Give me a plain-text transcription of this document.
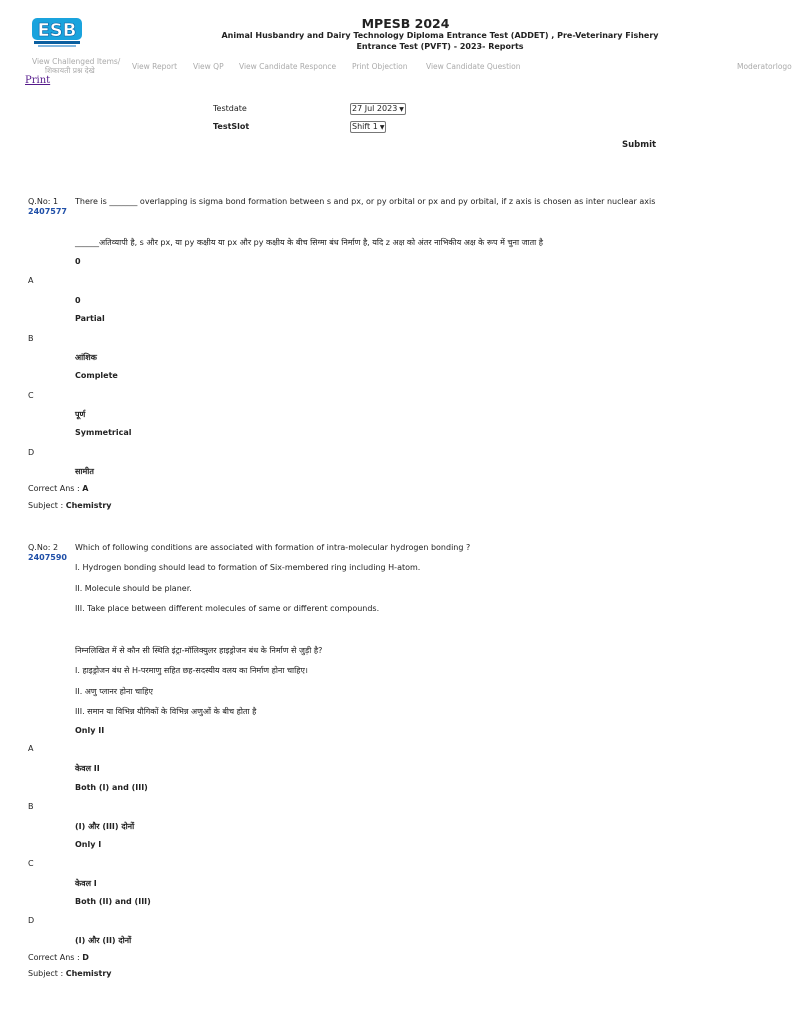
ESB	MPESB 2024
Animal Husbandry and Dairy Technology Diploma Entrance Test (ADDET) , Pre-Veterinary Fishery Entrance Test (PVFT) - 2023- Reports
View Challenged Items/
शिकायती प्रश्न देखे	View Report View QP View Candidate Responce Print Objection View Candidate Question	Moderatorlogo
Print
Testdate	27 Jul 2023 ▼
TestSlot	Shift 1 ▼
Submit
Q.No: 1
2407577
There is _______ overlapping is sigma bond formation between s and px, or py orbital or px and py orbital, if z axis is chosen as inter nuclear axis
______अतिव्यापी है, s और px, या py कक्षीय या px और py कक्षीय के बीच सिग्मा बंध निर्माण है, यदि z अक्ष को अंतर नाभिकीय अक्ष के रूप में चुना जाता है
0
A
0
Partial
B
आंशिक
Complete
C
पूर्ण
Symmetrical
D
सामीत
Correct Ans : A
Subject : Chemistry
Q.No: 2
2407590
Which of following conditions are associated with formation of intra-molecular hydrogen bonding ?
I. Hydrogen bonding should lead to formation of Six-membered ring including H-atom.
II. Molecule should be planer.
III. Take place between different molecules of same or different compounds.
निम्नलिखित में से कौन सी स्थिति इंट्रा-मॉलिक्युलर हाइड्रोजन बंध के निर्माण से जुड़ी है?
I. हाइड्रोजन बंध से H-परमाणु सहित छह-सदस्यीय वलय का निर्माण होना चाहिए।
II. अणु प्लानर होना चाहिए
III. समान या विभिन्न यौगिकों के विभिन्न अणुओं के बीच होता है
Only II
A
केवल II
Both (I) and (III)
B
(I) और (III) दोनों
Only I
C
केवल I
Both (II) and (III)
D
(I) और (II) दोनों
Correct Ans : D
Subject : Chemistry
